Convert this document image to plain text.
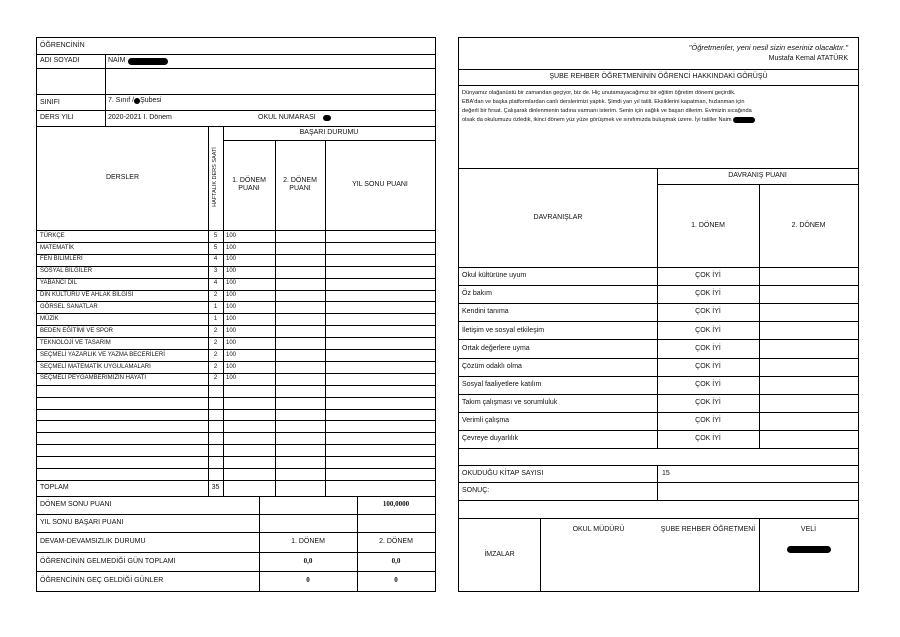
ÖĞRENCİNİN
ADI SOYADI	NAİM
SINIFI	7. Sınıf / Şubesi
DERS YILI	2020-2021 I. Dönem	OKUL NUMARASI
DERSLER	HAFTALIK DERS SAATİ
BAŞARI DURUMU
1. DÖNEM PUANI
2. DÖNEM PUANI
YIL SONU PUANI
TÜRKÇE	5	100
MATEMATİK	5	100
FEN BİLİMLERİ	4	100
SOSYAL BİLGİLER	3	100
YABANCI DİL	4	100
DİN KÜLTÜRÜ VE AHLAK BİLGİSİ	2	100
GÖRSEL SANATLAR	1	100
MÜZİK	1	100
BEDEN EĞİTİMİ VE SPOR	2	100
TEKNOLOJİ VE TASARIM	2	100
SEÇMELİ YAZARLIK VE YAZMA BECERİLERİ	2	100
SEÇMELİ MATEMATİK UYGULAMALARI	2	100
SEÇMELİ PEYGAMBERİMİZİN HAYATI	2	100
TOPLAM	35
DÖNEM SONU PUANI	100,0000
YIL SONU BAŞARI PUANI
DEVAM-DEVAMSIZLIK DURUMU	1. DÖNEM	2. DÖNEM
ÖĞRENCİNİN GELMEDİĞİ GÜN TOPLAMI	0,0	0,0
ÖĞRENCİNİN GEÇ GELDİĞİ GÜNLER	0	0
"Öğretmenler, yeni nesil sizin eseriniz olacaktır."
Mustafa Kemal ATATÜRK
ŞUBE REHBER ÖĞRETMENİNİN ÖĞRENCİ HAKKINDAKİ GÖRÜŞÜ
Dünyamız olağanüstü bir zamandan geçiyor, biz de. Hiç unutamayacağımız bir eğitim öğretim dönemi geçirdik.
EBA'dan ve başka platformlardan canlı derslerimizi yaptık. Şimdi yarı yıl tatili. Eksiklerini kapatman, hızlanman için
değerli bir fırsat. Çalışarak dinlenmenin tadına varmanı isterim. Senin için sağlık ve başarı dilerim. Evimizin sıcağında
olsak da okulumuzu özledik, ikinci dönem yüz yüze görüşmek ve sınıfımızda buluşmak üzere. İyi tatiller Naim
DAVRANIŞLAR
DAVRANIŞ PUANI
1. DÖNEM	2. DÖNEM
Okul kültürüne uyum	ÇOK İYİ
Öz bakım	ÇOK İYİ
Kendini tanıma	ÇOK İYİ
İletişim ve sosyal etkileşim	ÇOK İYİ
Ortak değerlere uyma	ÇOK İYİ
Çözüm odaklı olma	ÇOK İYİ
Sosyal faaliyetlere katılım	ÇOK İYİ
Takım çalışması ve sorumluluk	ÇOK İYİ
Verimli çalışma	ÇOK İYİ
Çevreye duyarlılık	ÇOK İYİ
OKUDUĞU KİTAP SAYISI	15
SONUÇ:
İMZALAR
OKUL MÜDÜRÜ	ŞUBE REHBER ÖĞRETMENİ	VELİ
